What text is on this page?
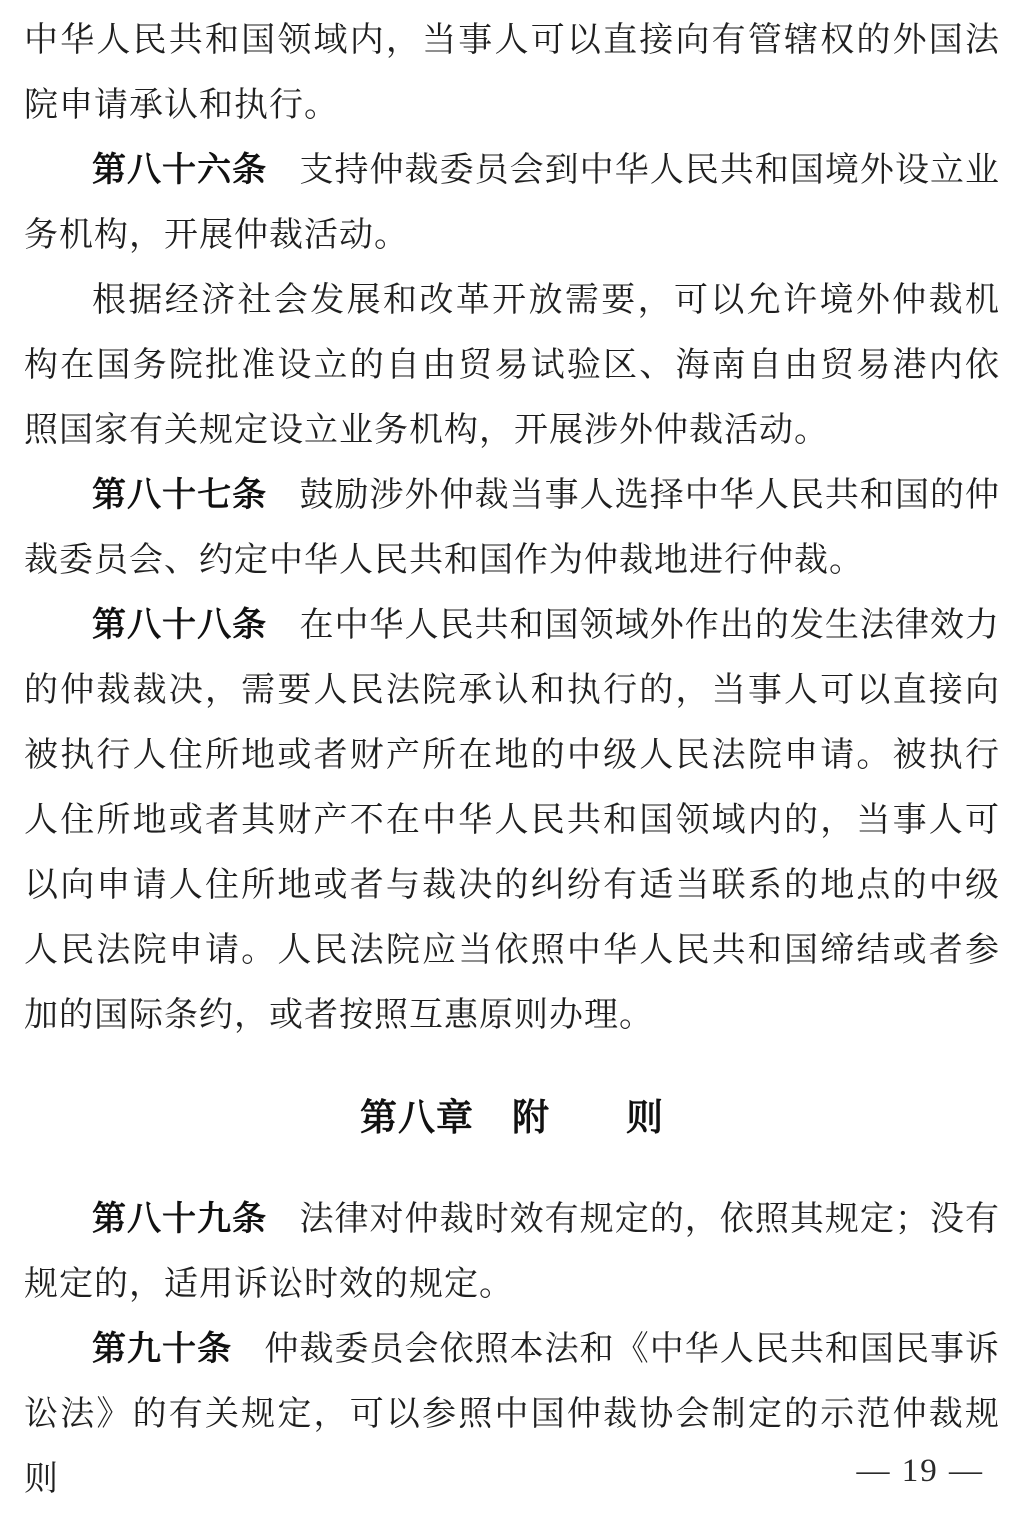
中华人民共和国领域内，当事人可以直接向有管辖权的外国法院申请承认和执行。

第八十六条 支持仲裁委员会到中华人民共和国境外设立业务机构，开展仲裁活动。

根据经济社会发展和改革开放需要，可以允许境外仲裁机构在国务院批准设立的自由贸易试验区、海南自由贸易港内依照国家有关规定设立业务机构，开展涉外仲裁活动。

第八十七条 鼓励涉外仲裁当事人选择中华人民共和国的仲裁委员会、约定中华人民共和国作为仲裁地进行仲裁。

第八十八条 在中华人民共和国领域外作出的发生法律效力的仲裁裁决，需要人民法院承认和执行的，当事人可以直接向被执行人住所地或者财产所在地的中级人民法院申请。被执行人住所地或者其财产不在中华人民共和国领域内的，当事人可以向申请人住所地或者与裁决的纠纷有适当联系的地点的中级人民法院申请。人民法院应当依照中华人民共和国缔结或者参加的国际条约，或者按照互惠原则办理。

第八章　附　　则

第八十九条 法律对仲裁时效有规定的，依照其规定；没有规定的，适用诉讼时效的规定。

第九十条 仲裁委员会依照本法和《中华人民共和国民事诉讼法》的有关规定，可以参照中国仲裁协会制定的示范仲裁规则	— 19 —
